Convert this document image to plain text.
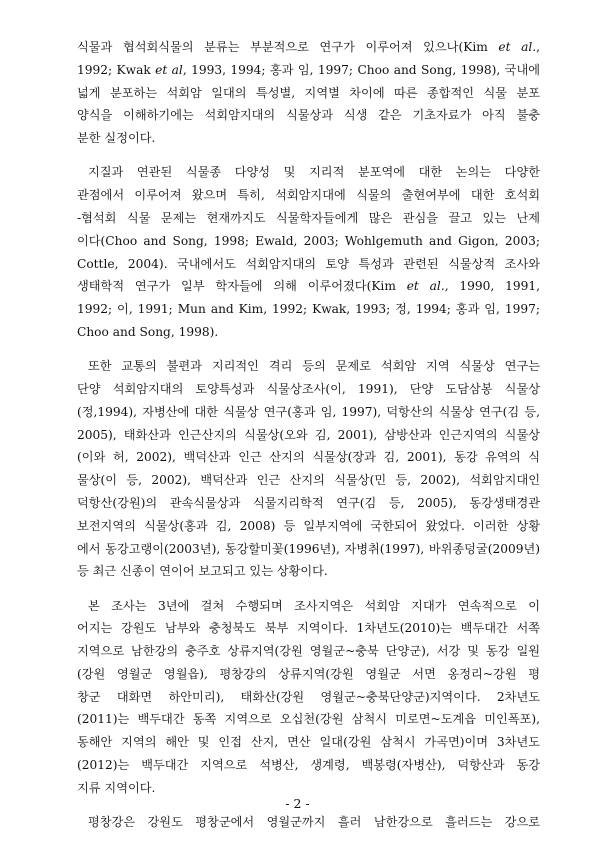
식물과 협석회식물의 분류는 부분적으로 연구가 이루어져 있으나(Kim et al.,
1992; Kwak et al, 1993, 1994; 홍과 임, 1997; Choo and Song, 1998), 국내에
넓게 분포하는 석회암 일대의 특성별, 지역별 차이에 따른 종합적인 식물 분포
양식을 이해하기에는 석회암지대의 식물상과 식생 같은 기초자료가 아직 불충
분한 실정이다.
지질과 연관된 식물종 다양성 및 지리적 분포역에 대한 논의는 다양한
관점에서 이루어져 왔으며 특히, 석회암지대에 식물의 출현여부에 대한 호석회
-혐석회 식물 문제는 현재까지도 식물학자들에게 많은 관심을 끌고 있는 난제
이다(Choo and Song, 1998; Ewald, 2003; Wohlgemuth and Gigon, 2003;
Cottle, 2004). 국내에서도 석회암지대의 토양 특성과 관련된 식물상적 조사와
생태학적 연구가 일부 학자들에 의해 이루어졌다(Kim et al., 1990, 1991,
1992; 이, 1991; Mun and Kim, 1992; Kwak, 1993; 정, 1994; 홍과 임, 1997;
Choo and Song, 1998).
또한 교통의 불편과 지리적인 격리 등의 문제로 석회암 지역 식물상 연구는
단양 석회암지대의 토양특성과 식물상조사(이, 1991), 단양 도담삼봉 식물상
(정,1994), 자병산에 대한 식물상 연구(홍과 임, 1997), 덕항산의 식물상 연구(김 등,
2005), 태화산과 인근산지의 식물상(오와 김, 2001), 삼방산과 인근지역의 식물상
(이와 허, 2002), 백덕산과 인근 산지의 식물상(장과 김, 2001), 동강 유역의 식
물상(이 등, 2002), 백덕산과 인근 산지의 식물상(민 등, 2002), 석회암지대인
덕항산(강원)의 관속식물상과 식물지리학적 연구(김 등, 2005), 동강생태경관
보전지역의 식물상(홍과 김, 2008) 등 일부지역에 국한되어 왔었다. 이러한 상황
에서 동강고랭이(2003년), 동강할미꽃(1996년), 자병취(1997), 바위종덩굴(2009년)
등 최근 신종이 연이어 보고되고 있는 상황이다.
본 조사는 3년에 걸쳐 수행되며 조사지역은 석회암 지대가 연속적으로 이
어지는 강원도 남부와 충청북도 북부 지역이다. 1차년도(2010)는 백두대간 서쪽
지역으로 남한강의 충주호 상류지역(강원 영월군~충북 단양군), 서강 및 동강 일원
(강원 영월군 영월읍), 평창강의 상류지역(강원 영월군 서면 옹정리~강원 평
창군 대화면 하안미리), 태화산(강원 영월군~충북단양군)지역이다. 2차년도
(2011)는 백두대간 동쪽 지역으로 오십천(강원 삼척시 미로면~도계읍 미인폭포),
동해안 지역의 해안 및 인접 산지, 면산 일대(강원 삼척시 가곡면)이며 3차년도
(2012)는 백두대간 지역으로 석병산, 생계령, 백봉령(자병산), 덕항산과 동강
지류 지역이다.
평창강은 강원도 평창군에서 영월군까지 흘러 남한강으로 흘러드는 강으로
- 2 -
